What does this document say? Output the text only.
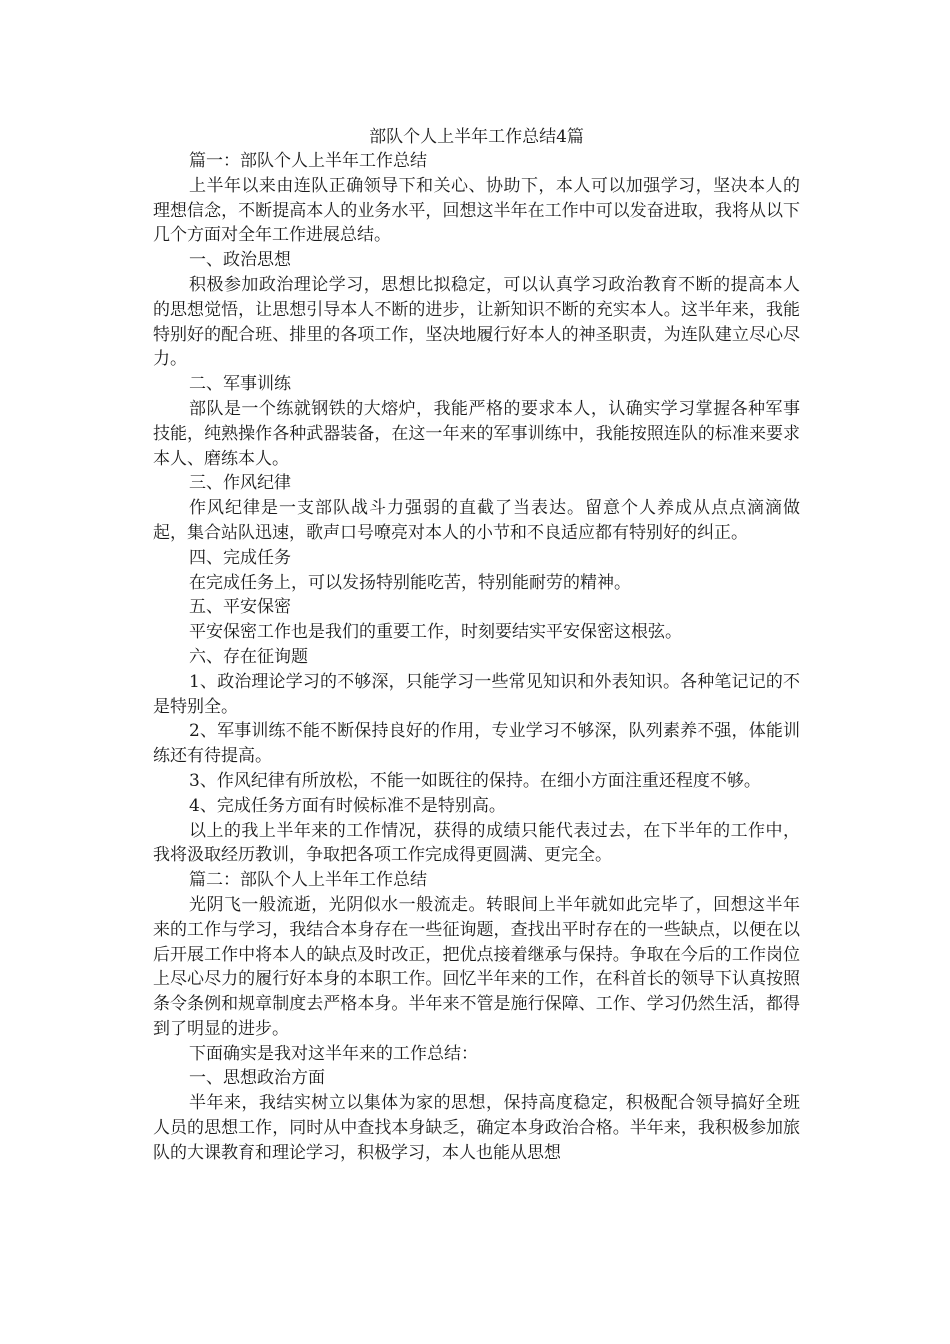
部队个人上半年工作总结4篇

篇一：部队个人上半年工作总结

上半年以来由连队正确领导下和关心、协助下，本人可以加强学习，坚决本人的理想信念，不断提高本人的业务水平，回想这半年在工作中可以发奋进取，我将从以下几个方面对全年工作进展总结。

一、政治思想

积极参加政治理论学习，思想比拟稳定，可以认真学习政治教育不断的提高本人的思想觉悟，让思想引导本人不断的进步，让新知识不断的充实本人。这半年来，我能特别好的配合班、排里的各项工作，坚决地履行好本人的神圣职责，为连队建立尽心尽力。

二、军事训练

部队是一个练就钢铁的大熔炉，我能严格的要求本人，认确实学习掌握各种军事技能，纯熟操作各种武器装备，在这一年来的军事训练中，我能按照连队的标准来要求本人、磨练本人。

三、作风纪律

作风纪律是一支部队战斗力强弱的直截了当表达。留意个人养成从点点滴滴做起，集合站队迅速，歌声口号嘹亮对本人的小节和不良适应都有特别好的纠正。

四、完成任务

在完成任务上，可以发扬特别能吃苦，特别能耐劳的精神。

五、平安保密

平安保密工作也是我们的重要工作，时刻要结实平安保密这根弦。

六、存在征询题

1、政治理论学习的不够深，只能学习一些常见知识和外表知识。各种笔记记的不是特别全。

2、军事训练不能不断保持良好的作用，专业学习不够深，队列素养不强，体能训练还有待提高。

3、作风纪律有所放松，不能一如既往的保持。在细小方面注重还程度不够。

4、完成任务方面有时候标准不是特别高。

以上的我上半年来的工作情况，获得的成绩只能代表过去，在下半年的工作中，我将汲取经历教训，争取把各项工作完成得更圆满、更完全。

篇二：部队个人上半年工作总结

光阴飞一般流逝，光阴似水一般流走。转眼间上半年就如此完毕了，回想这半年来的工作与学习，我结合本身存在一些征询题，查找出平时存在的一些缺点，以便在以后开展工作中将本人的缺点及时改正，把优点接着继承与保持。争取在今后的工作岗位上尽心尽力的履行好本身的本职工作。回忆半年来的工作，在科首长的领导下认真按照条令条例和规章制度去严格本身。半年来不管是施行保障、工作、学习仍然生活，都得到了明显的进步。

下面确实是我对这半年来的工作总结：

一、思想政治方面

半年来，我结实树立以集体为家的思想，保持高度稳定，积极配合领导搞好全班人员的思想工作，同时从中查找本身缺乏，确定本身政治合格。半年来，我积极参加旅队的大课教育和理论学习，积极学习，本人也能从思想
